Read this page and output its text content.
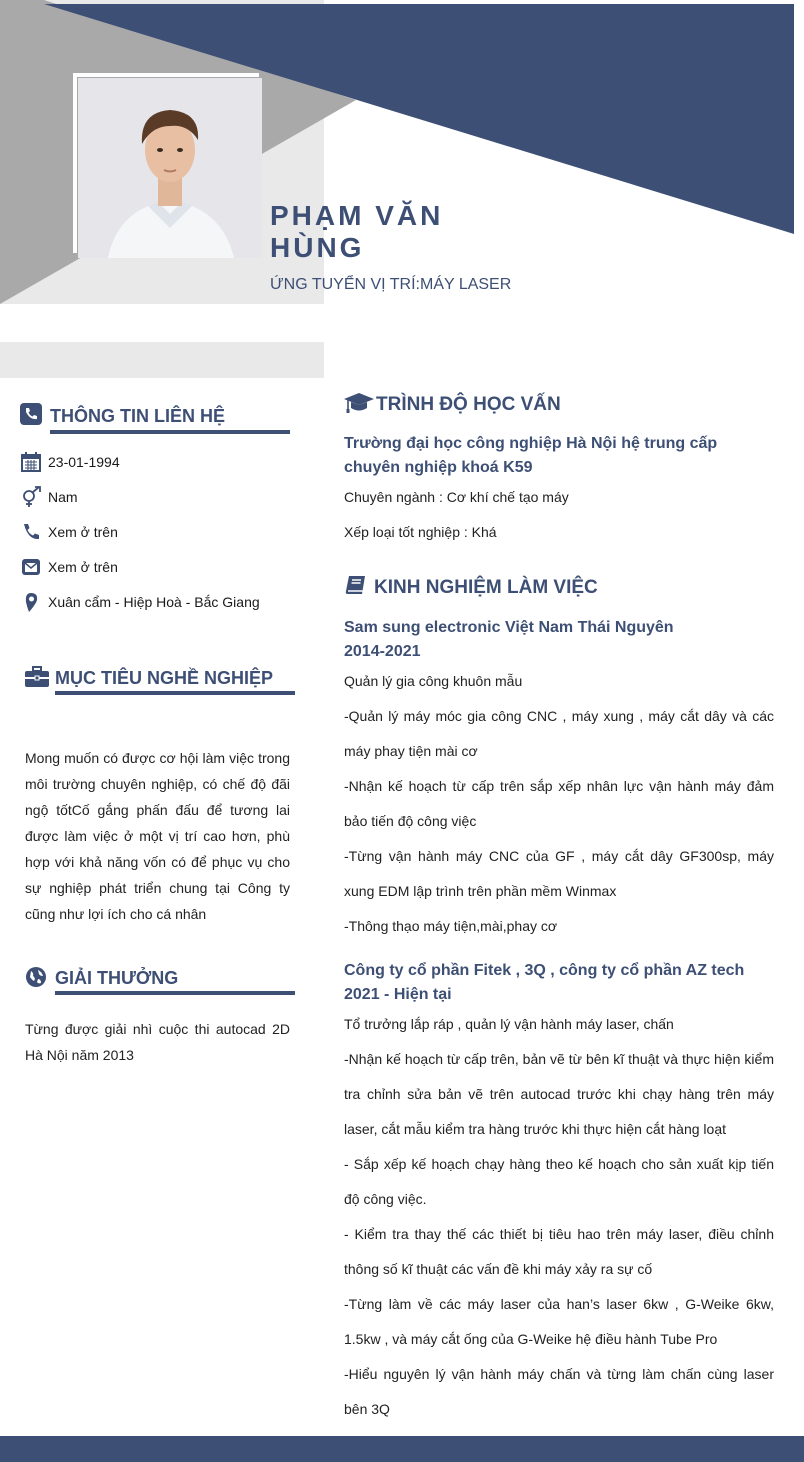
PHẠM VĂN
HÙNG
ỨNG TUYỂN VỊ TRÍ:MÁY LASER
THÔNG TIN LIÊN HỆ
23-01-1994
Nam
Xem ở trên
Xem ở trên
Xuân cẩm - Hiệp Hoà - Bắc Giang
MỤC TIÊU NGHỀ NGHIỆP
Mong muốn có được cơ hội làm việc trong môi trường chuyên nghiệp, có chế độ đãi ngộ tốtCố gắng phấn đấu để tương lai được làm việc ở một vị trí cao hơn, phù hợp với khả năng vốn có để phục vụ cho sự nghiệp phát triển chung tại Công ty cũng như lợi ích cho cá nhân
GIẢI THƯỞNG
Từng được giải nhì cuộc thi autocad 2D Hà Nội năm 2013
TRÌNH ĐỘ HỌC VẤN
Trường đại học công nghiệp Hà Nội hệ trung cấp chuyên nghiệp khoá K59
Chuyên ngành : Cơ khí chế tạo máy
Xếp loại tốt nghiệp : Khá
KINH NGHIỆM LÀM VIỆC
Sam sung electronic Việt Nam Thái Nguyên
2014-2021
Quản lý gia công khuôn mẫu
-Quản lý máy móc gia công CNC , máy xung , máy cắt dây và các máy phay tiện mài cơ
-Nhận kế hoạch từ cấp trên sắp xếp nhân lực vận hành máy đảm bảo tiến độ công việc
-Từng vận hành máy CNC của GF , máy cắt dây GF300sp, máy xung EDM lập trình trên phần mềm Winmax
-Thông thạo máy tiện,mài,phay cơ
Công ty cổ phần Fitek , 3Q , công ty cổ phần AZ tech
2021 - Hiện tại
Tổ trưởng lắp ráp , quản lý vận hành máy laser, chấn
-Nhận kế hoạch từ cấp trên, bản vẽ từ bên kĩ thuật và thực hiện kiểm tra chỉnh sửa bản vẽ trên autocad trước khi chạy hàng trên máy laser, cắt mẫu kiểm tra hàng trước khi thực hiện cắt hàng loạt
- Sắp xếp kế hoạch chạy hàng theo kế hoạch cho sản xuất kịp tiến độ công việc.
- Kiểm tra thay thế các thiết bị tiêu hao trên máy laser, điều chỉnh thông số kĩ thuật các vấn đề khi máy xảy ra sự cố
-Từng làm về các máy laser của han’s laser 6kw , G-Weike 6kw, 1.5kw , và máy cắt ống của G-Weike hệ điều hành Tube Pro
-Hiểu nguyên lý vận hành máy chấn và từng làm chấn cùng laser bên 3Q
